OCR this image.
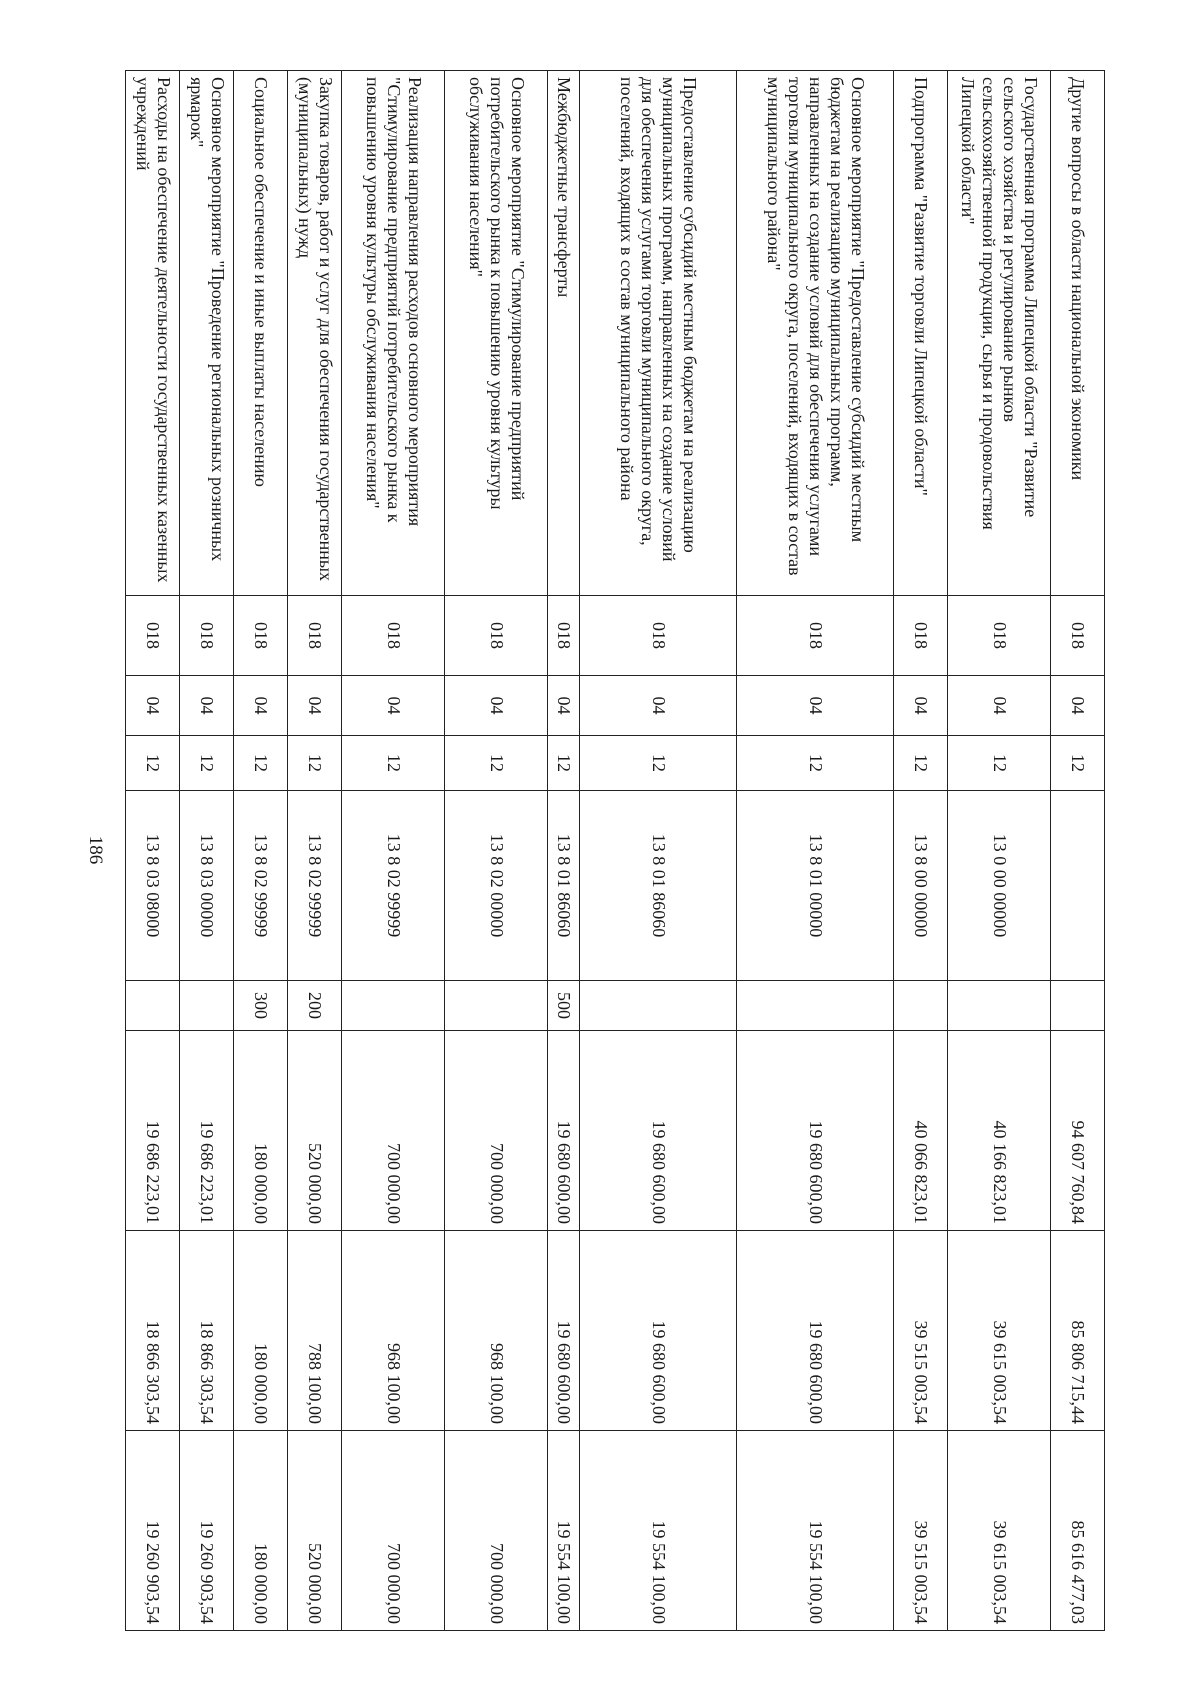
186
Другие вопросы в области национальной экономики	018	04	12			94 607 760,84	85 806 715,44	85 616 477,03
Государственная программа Липецкой области "Развитие сельского хозяйства и регулирование рынков сельскохозяйственной продукции, сырья и продовольствия Липецкой области"	018	04	12	13 0 00 00000		40 166 823,01	39 615 003,54	39 615 003,54
Подпрограмма "Развитие торговли Липецкой области"	018	04	12	13 8 00 00000		40 066 823,01	39 515 003,54	39 515 003,54
Основное мероприятие "Предоставление субсидий местным бюджетам на реализацию муниципальных программ, направленных на создание условий для обеспечения услугами торговли муниципального округа, поселений, входящих в состав муниципального района"	018	04	12	13 8 01 00000		19 680 600,00	19 680 600,00	19 554 100,00
Предоставление субсидий местным бюджетам на реализацию муниципальных программ, направленных на создание условий для обеспечения услугами торговли муниципального округа, поселений, входящих в состав муниципального района	018	04	12	13 8 01 86060		19 680 600,00	19 680 600,00	19 554 100,00
Межбюджетные трансферты	018	04	12	13 8 01 86060	500	19 680 600,00	19 680 600,00	19 554 100,00
Основное мероприятие "Стимулирование предприятий потребительского рынка к повышению уровня культуры обслуживания населения"	018	04	12	13 8 02 00000		700 000,00	968 100,00	700 000,00
Реализация направления расходов основного мероприятия "Стимулирование предприятий потребительского рынка к повышению уровня культуры обслуживания населения"	018	04	12	13 8 02 99999		700 000,00	968 100,00	700 000,00
Закупка товаров, работ и услуг для обеспечения государственных (муниципальных) нужд	018	04	12	13 8 02 99999	200	520 000,00	788 100,00	520 000,00
Социальное обеспечение и иные выплаты населению	018	04	12	13 8 02 99999	300	180 000,00	180 000,00	180 000,00
Основное мероприятие "Проведение региональных розничных ярмарок"	018	04	12	13 8 03 00000		19 686 223,01	18 866 303,54	19 260 903,54
Расходы на обеспечение деятельности государственных казенных учреждений	018	04	12	13 8 03 08000		19 686 223,01	18 866 303,54	19 260 903,54
